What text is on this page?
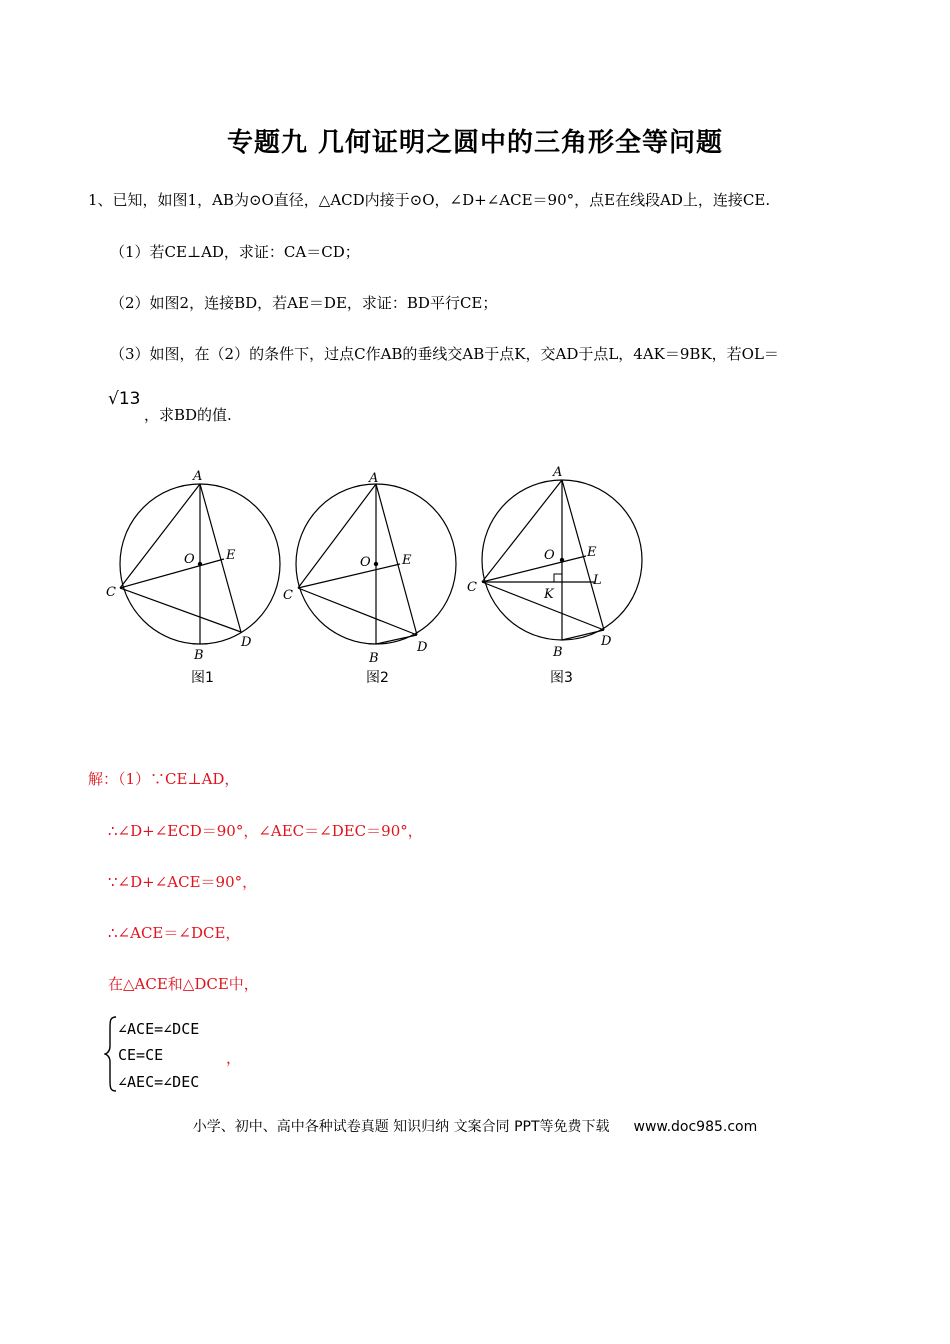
专题九 几何证明之圆中的三角形全等问题
1、已知，如图1，AB为⊙O直径，△ACD内接于⊙O，∠D+∠ACE＝90°，点E在线段AD上，连接CE.
（1）若CE⊥AD，求证：CA＝CD；
（2）如图2，连接BD，若AE＝DE，求证：BD平行CE；
（3）如图，在（2）的条件下，过点C作AB的垂线交AB于点K，交AD于点L，4AK＝9BK，若OL＝
√13
，求BD的值.
A
O E
C
D
B
图1
A
O E
C
D
B
图2
A
O E
C	K
L
D
B
图3
解：（1）∵CE⊥AD，
∴∠D+∠ECD＝90°，∠AEC＝∠DEC＝90°，
∵∠D+∠ACE＝90°，
∴∠ACE＝∠DCE，
在△ACE和△DCE中，
∠ACE=∠DCE
CE=CE
∠AEC=∠DEC
，
小学、初中、高中各种试卷真题 知识归纳 文案合同 PPT等免费下载 www.doc985.com
